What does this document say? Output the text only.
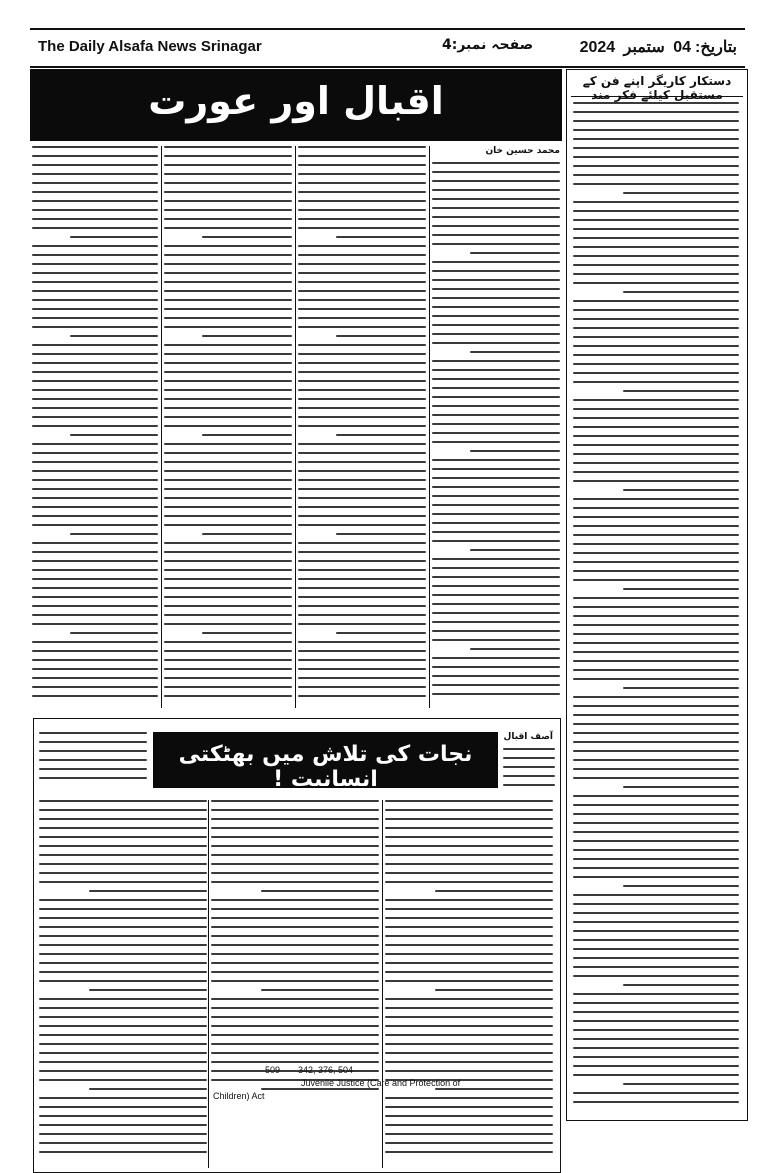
The Daily Alsafa News Srinagar	صفحہ نمبر:4	بتاریخ:04 ستمبر 2024
اقبال اور عورت
محمد حسین خان
دستکار کاریگر اپنے فن کے مستقبل کیلئے فکر مند
نجات کی تلاش میں بھٹکتی انسانیت !
آصف اقبال
Juvenile Justice (Care and Protection of
Children) Act
342, 376, 504
509
